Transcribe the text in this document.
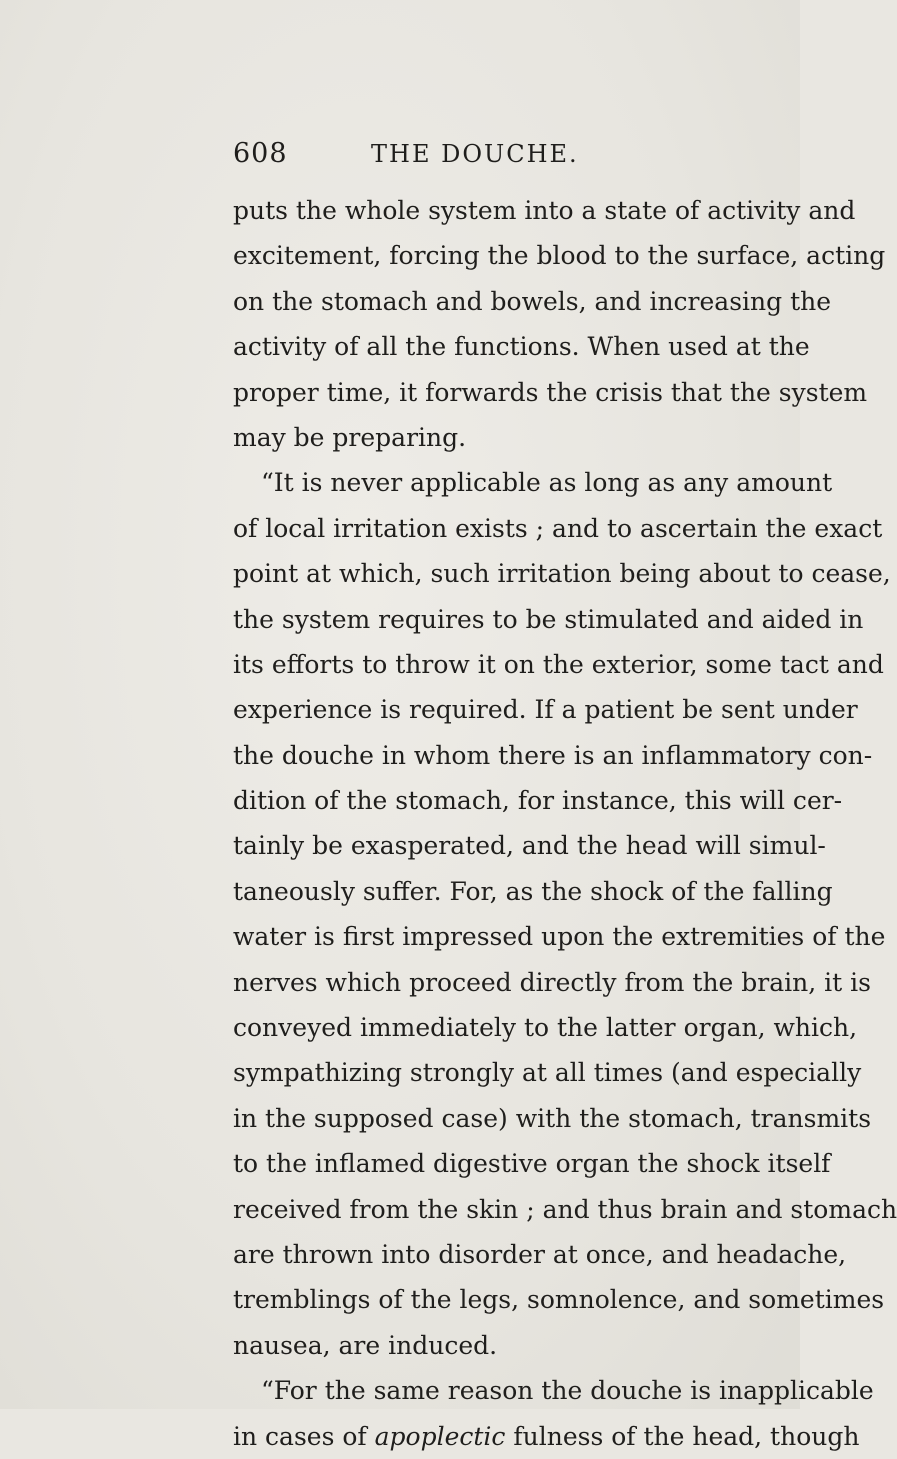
608	THE DOUCHE.
puts the whole system into a state of activity and
excitement, forcing the blood to the surface, acting
on the stomach and bowels, and increasing the
activity of all the functions. When used at the
proper time, it forwards the crisis that the system
may be preparing.
“It is never applicable as long as any amount
of local irritation exists ; and to ascertain the exact
point at which, such irritation being about to cease,
the system requires to be stimulated and aided in
its efforts to throw it on the exterior, some tact and
experience is required. If a patient be sent under
the douche in whom there is an inflammatory con-
dition of the stomach, for instance, this will cer-
tainly be exasperated, and the head will simul-
taneously suffer. For, as the shock of the falling
water is first impressed upon the extremities of the
nerves which proceed directly from the brain, it is
conveyed immediately to the latter organ, which,
sympathizing strongly at all times (and especially
in the supposed case) with the stomach, transmits
to the inflamed digestive organ the shock itself
received from the skin ; and thus brain and stomach
are thrown into disorder at once, and headache,
tremblings of the legs, somnolence, and sometimes
nausea, are induced.
“For the same reason the douche is inapplicable
in cases of apoplectic fulness of the head, though
